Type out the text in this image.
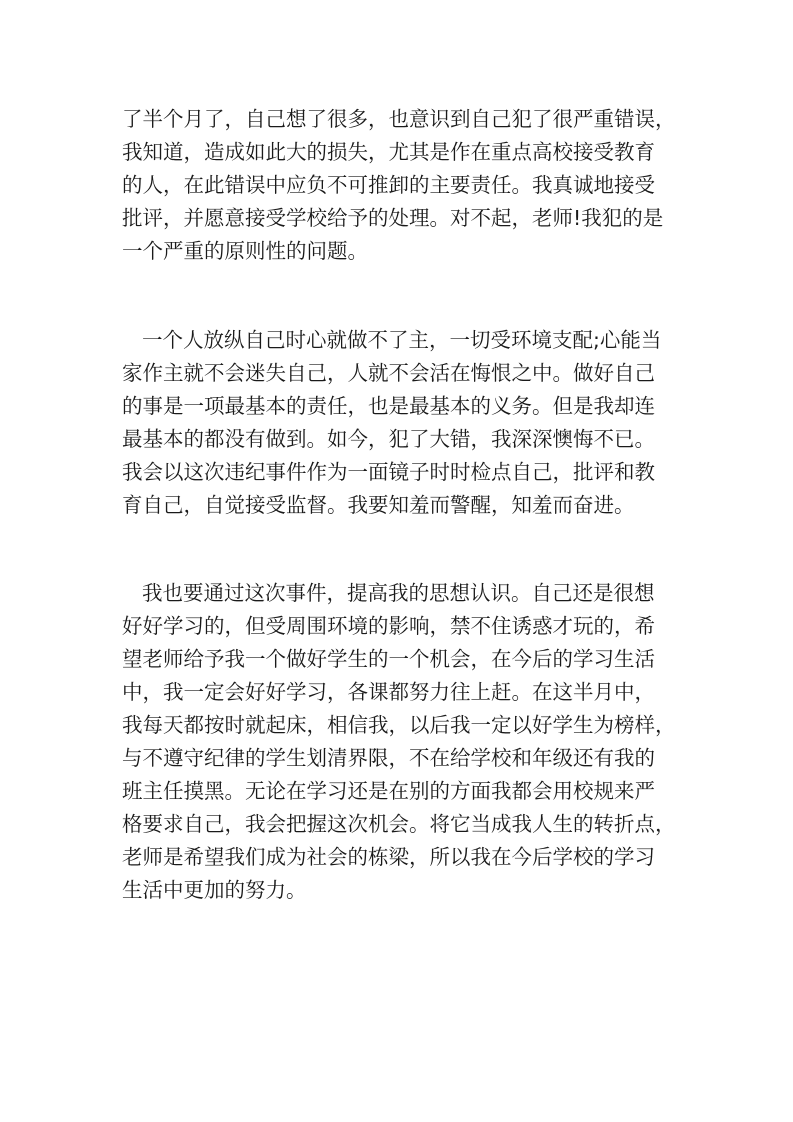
了半个月了，自己想了很多，也意识到自己犯了很严重错误，
我知道，造成如此大的损失，尤其是作在重点高校接受教育
的人，在此错误中应负不可推卸的主要责任。我真诚地接受
批评，并愿意接受学校给予的处理。对不起，老师!我犯的是
一个严重的原则性的问题。
一个人放纵自己时心就做不了主，一切受环境支配;心能当
家作主就不会迷失自己，人就不会活在悔恨之中。做好自己
的事是一项最基本的责任，也是最基本的义务。但是我却连
最基本的都没有做到。如今，犯了大错，我深深懊悔不已。
我会以这次违纪事件作为一面镜子时时检点自己，批评和教
育自己，自觉接受监督。我要知羞而警醒，知羞而奋进。
我也要通过这次事件，提高我的思想认识。自己还是很想
好好学习的，但受周围环境的影响，禁不住诱惑才玩的，希
望老师给予我一个做好学生的一个机会，在今后的学习生活
中，我一定会好好学习，各课都努力往上赶。在这半月中，
我每天都按时就起床，相信我，以后我一定以好学生为榜样，
与不遵守纪律的学生划清界限，不在给学校和年级还有我的
班主任摸黑。无论在学习还是在别的方面我都会用校规来严
格要求自己，我会把握这次机会。将它当成我人生的转折点，
老师是希望我们成为社会的栋梁，所以我在今后学校的学习
生活中更加的努力。
